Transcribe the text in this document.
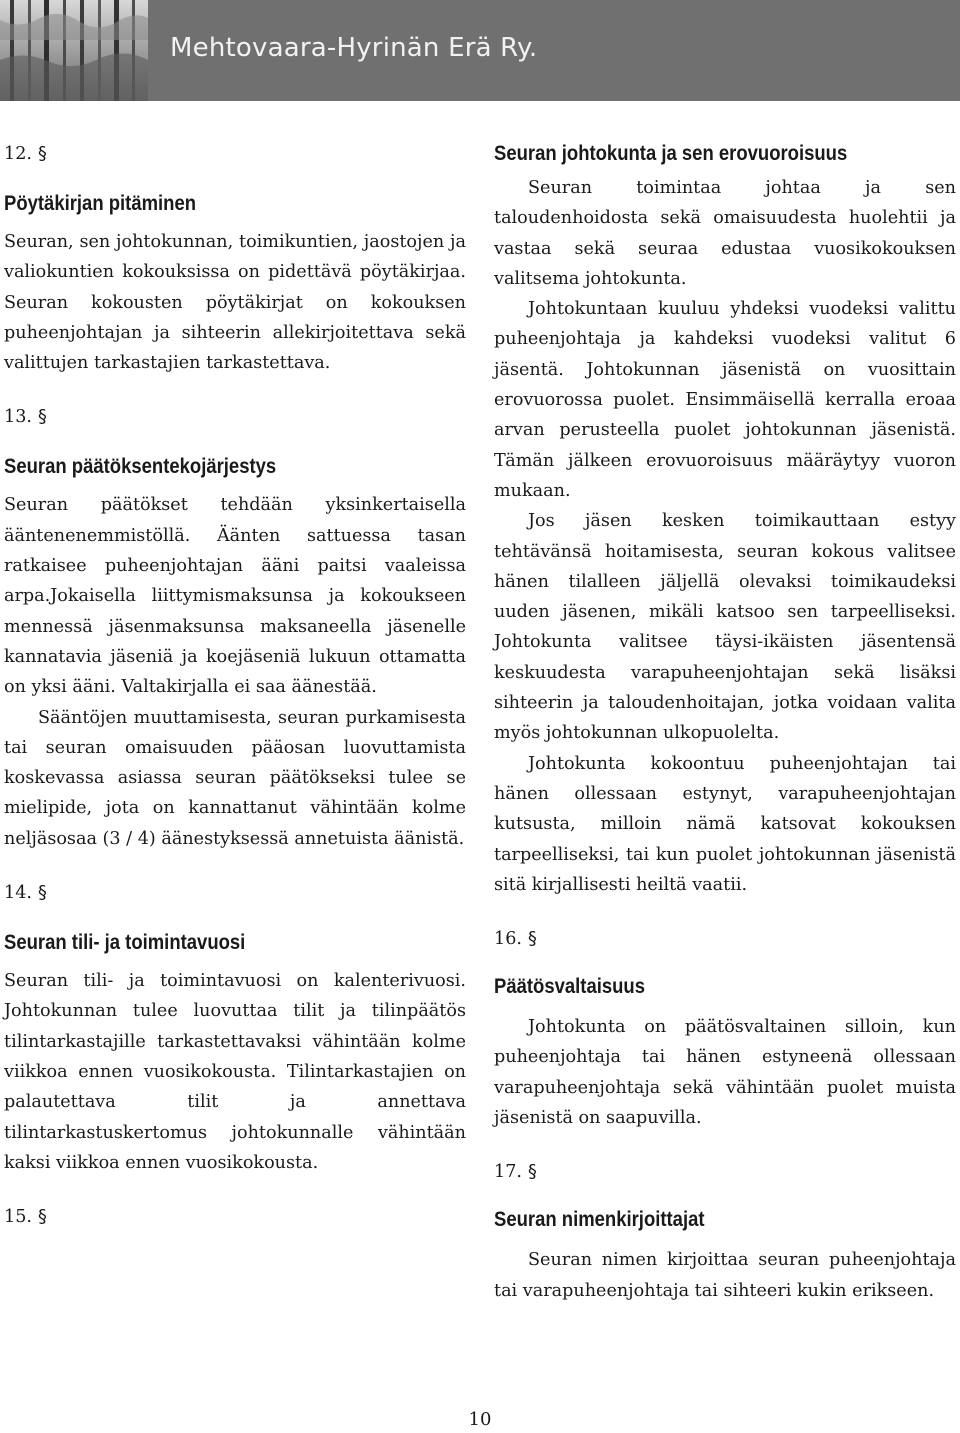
Mehtovaara-Hyrinän Erä Ry.

12. §

Pöytäkirjan pitäminen

Seuran, sen johtokunnan, toimikuntien, jaostojen ja valiokuntien kokouksissa on pidettävä pöytäkirjaa. Seuran kokousten pöytäkirjat on kokouksen puheenjohtajan ja sihteerin allekirjoitettava sekä valittujen tarkastajien tarkastettava.

13. §

Seuran päätöksentekojärjestys

Seuran päätökset tehdään yksinkertaisella ääntenenemmistöllä. Äänten sattuessa tasan ratkaisee puheenjohtajan ääni paitsi vaaleissa arpa.Jokaisella liittymismaksunsa ja kokoukseen mennessä jäsenmaksunsa maksaneella jäsenelle kannatavia jäseniä ja koejäseniä lukuun ottamatta on yksi ääni. Valtakirjalla ei saa äänestää.

Sääntöjen muuttamisesta, seuran purkamisesta tai seuran omaisuuden pääosan luovuttamista koskevassa asiassa seuran päätökseksi tulee se mielipide, jota on kannattanut vähintään kolme neljäsosaa (3 / 4) äänestyksessä annetuista äänistä.

14. §

Seuran tili- ja toimintavuosi

Seuran tili- ja toimintavuosi on kalenterivuosi. Johtokunnan tulee luovuttaa tilit ja tilinpäätös tilintarkastajille tarkastettavaksi vähintään kolme viikkoa ennen vuosikokousta. Tilintarkastajien on palautettava tilit ja annettava tilintarkastuskertomus johtokunnalle vähintään kaksi viikkoa ennen vuosikokousta.

15. §

Seuran johtokunta ja sen erovuoroisuus

Seuran toimintaa johtaa ja sen taloudenhoidosta sekä omaisuudesta huolehtii ja vastaa sekä seuraa edustaa vuosikokouksen valitsema johtokunta.

Johtokuntaan kuuluu yhdeksi vuodeksi valittu puheenjohtaja ja kahdeksi vuodeksi valitut 6 jäsentä. Johtokunnan jäsenistä on vuosittain erovuorossa puolet. Ensimmäisellä kerralla eroaa arvan perusteella puolet johtokunnan jäsenistä. Tämän jälkeen erovuoroisuus määräytyy vuoron mukaan.

Jos jäsen kesken toimikauttaan estyy tehtävänsä hoitamisesta, seuran kokous valitsee hänen tilalleen jäljellä olevaksi toimikaudeksi uuden jäsenen, mikäli katsoo sen tarpeelliseksi. Johtokunta valitsee täysi-ikäisten jäsentensä keskuudesta varapuheenjohtajan sekä lisäksi sihteerin ja taloudenhoitajan, jotka voidaan valita myös johtokunnan ulkopuolelta.

Johtokunta kokoontuu puheenjohtajan tai hänen ollessaan estynyt, varapuheenjohtajan kutsusta, milloin nämä katsovat kokouksen tarpeelliseksi, tai kun puolet johtokunnan jäsenistä sitä kirjallisesti heiltä vaatii.

16. §

Päätösvaltaisuus

Johtokunta on päätösvaltainen silloin, kun puheenjohtaja tai hänen estyneenä ollessaan varapuheenjohtaja sekä vähintään puolet muista jäsenistä on saapuvilla.

17. §

Seuran nimenkirjoittajat

Seuran nimen kirjoittaa seuran puheenjohtaja tai varapuheenjohtaja tai sihteeri kukin erikseen.

10
